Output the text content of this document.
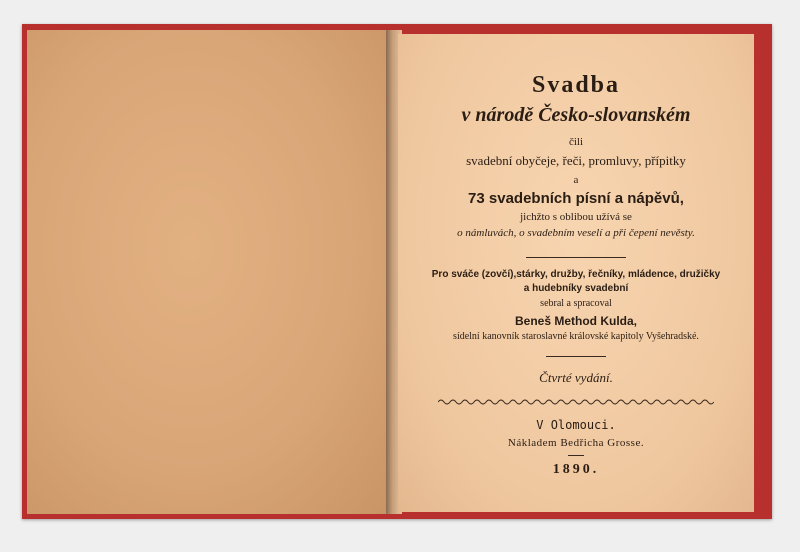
Svadba
v národě Česko-slovanském
čili
svadební obyčeje, řeči, promluvy, přípitky
a
73 svadebních písní a nápěvů,
jichžto s oblibou užívá se
o námluvách, o svadebním veselí a při čepení nevěsty.
Pro sváče (zovčí),stárky, družby, řečníky, mládence, družičky
a hudebníky svadební
sebral a spracoval
Beneš Method Kulda,
sídelní kanovník staroslavné královské kapitoly Vyšehradské.
Čtvrté vydání.
V Olomouci.
Nákladem Bedřicha Grosse.
1890.
